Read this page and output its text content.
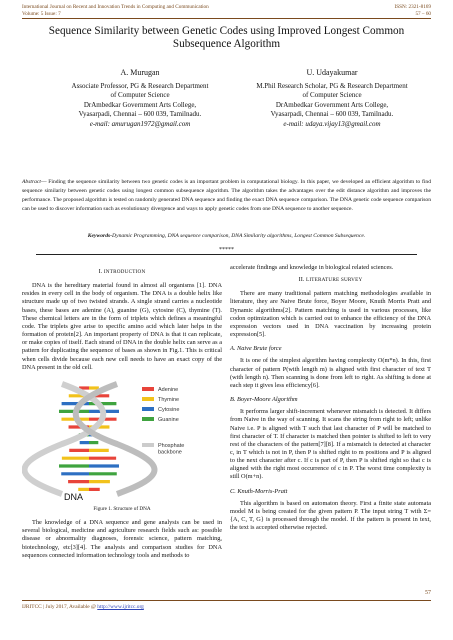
International Journal on Recent and Innovation Trends in Computing and Communication
Volume: 5 Issue: 7
ISSN: 2321-8169
57 – 60
Sequence Similarity between Genetic Codes using Improved Longest Common Subsequence Algorithm
A. Murugan
Associate Professor, PG & Research Department
of Computer Science
DrAmbedkar Government Arts College,
Vyasarpadi, Chennai – 600 039, Tamilnadu.
e-mail: amurugan1972@gmail.com
U. Udayakumar
M.Phil Research Scholar, PG & Research Department
of Computer Science
DrAmbedkar Government Arts College,
Vyasarpadi, Chennai – 600 039, Tamilnadu.
e-mail: udaya.vijay13@gmail.com
Abstract— Finding the sequence similarity between two genetic codes is an important problem in computational biology. In this paper, we developed an efficient algorithm to find sequence similarity between genetic codes using longest common subsequence algorithm. The algorithm takes the advantages over the edit distance algorithm and improves the performance. The proposed algorithm is tested on randomly generated DNA sequence and finding the exact DNA sequence comparison. The DNA genetic code sequence comparison can be used to discover information such as evolutionary divergence and ways to apply genetic codes from one DNA sequence to another sequence.
Keywords-Dynamic Programming, DNA sequence comparison, DNA Similarity algorithms, Longest Common Subsequence.
*****
I. INTRODUCTION

DNA is the hereditary material found in almost all organisms [1]. DNA resides in every cell in the body of organism. The DNA is a double helix like structure made up of two twisted strands. A single strand carries a nucleotide bases, these bases are adenine (A), guanine (G), cytosine (C), thymine (T). These chemical letters are in the form of triplets which defines a meaningful code. The triplets give arise to specific amino acid which later helps in the formation of protein[2]. An important property of DNA is that it can replicate, or make copies of itself. Each strand of DNA in the double helix can serve as a pattern for duplicating the sequence of bases as shown in Fig.1. This is critical when cells divide because each new cell needs to have an exact copy of the DNA present in the old cell.

Adenine
Thymine
Cytosine
Guanine
Phosphate backbone
DNA
Figure 1. Structure of DNA

The knowledge of a DNA sequence and gene analysis can be used in several biological, medicine and agriculture research fields such as: possible disease or abnormality diagnoses, forensic science, pattern matching, biotechnology, etc[3][4]. The analysis and comparison studies for DNA sequences connected information technology tools and methods to

accelerate findings and knowledge in biological related sciences.

II. LITERATURE SURVEY

There are many traditional pattern matching methodologies available in literature, they are Naive Brute force, Boyer Moore, Knuth Morris Pratt and Dynamic algorithms[2]. Pattern matching is used in various processes, like codon optimization which is carried out to enhance the efficiency of the DNA expression vectors used in DNA vaccination by increasing protein expression[5].

A. Naive Brute force

It is one of the simplest algorithm having complexity O(m*n). In this, first character of pattern P(with length m) is aligned with first character of text T (with length n). Then scanning is done from left to right. As shifting is done at each step it gives less efficiency[6].

B. Boyer-Moore Algorithm

It performs larger shift-increment whenever mismatch is detected. It differs from Naive in the way of scanning. It scans the string from right to left; unlike Naive i.e. P is aligned with T such that last character of P will be matched to first character of T. If character is matched then pointer is shifted to left to very rest of the characters of the pattern[7][8]. If a mismatch is detected at character c, in T which is not in P, then P is shifted right to m positions and P is aligned to the next character after c. If c is part of P, then P is shifted right so that c is aligned with the right most occurrence of c in P. The worst time complexity is still O(m+n).

C. Knuth-Morris-Pratt

This algorithm is based on automaton theory. First a finite state automata model M is being created for the given pattern P. The input string T with Σ= {A, C, T, G} is processed through the model. If the pattern is present in text, the text is accepted otherwise rejected.

57
IJRITCC | July 2017, Available @ http://www.ijritcc.org
